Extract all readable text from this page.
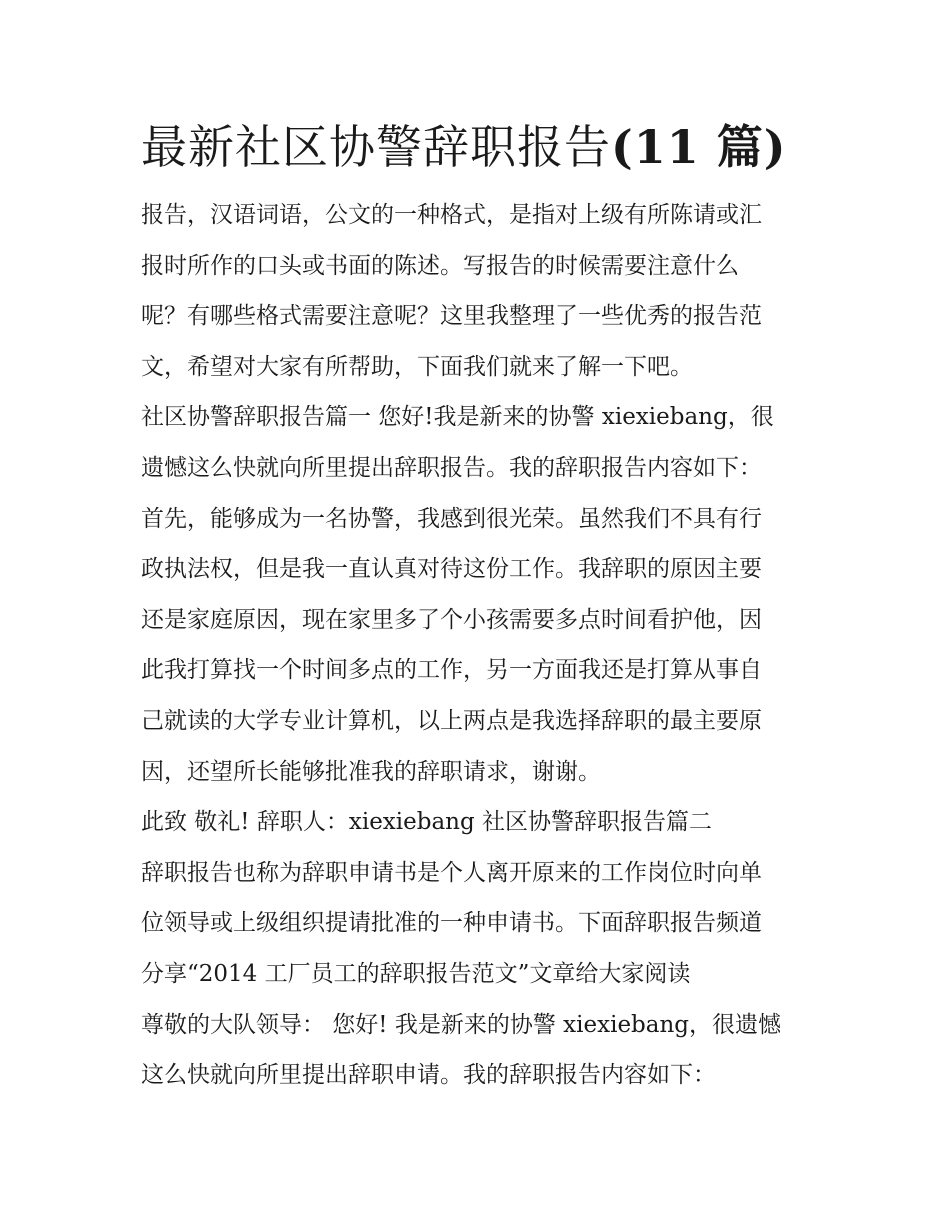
最新社区协警辞职报告(11 篇)

报告，汉语词语，公文的一种格式，是指对上级有所陈请或汇
报时所作的口头或书面的陈述。写报告的时候需要注意什么
呢？有哪些格式需要注意呢？这里我整理了一些优秀的报告范
文，希望对大家有所帮助，下面我们就来了解一下吧。

社区协警辞职报告篇一 您好!我是新来的协警 xiexiebang，很
遗憾这么快就向所里提出辞职报告。我的辞职报告内容如下：
首先，能够成为一名协警，我感到很光荣。虽然我们不具有行
政执法权，但是我一直认真对待这份工作。我辞职的原因主要
还是家庭原因，现在家里多了个小孩需要多点时间看护他，因
此我打算找一个时间多点的工作，另一方面我还是打算从事自
己就读的大学专业计算机，以上两点是我选择辞职的最主要原
因，还望所长能够批准我的辞职请求，谢谢。

此致 敬礼! 辞职人：xiexiebang 社区协警辞职报告篇二

辞职报告也称为辞职申请书是个人离开原来的工作岗位时向单
位领导或上级组织提请批准的一种申请书。下面辞职报告频道
分享“2014 工厂员工的辞职报告范文”文章给大家阅读

尊敬的大队领导： 您好! 我是新来的协警 xiexiebang，很遗憾
这么快就向所里提出辞职申请。我的辞职报告内容如下：
